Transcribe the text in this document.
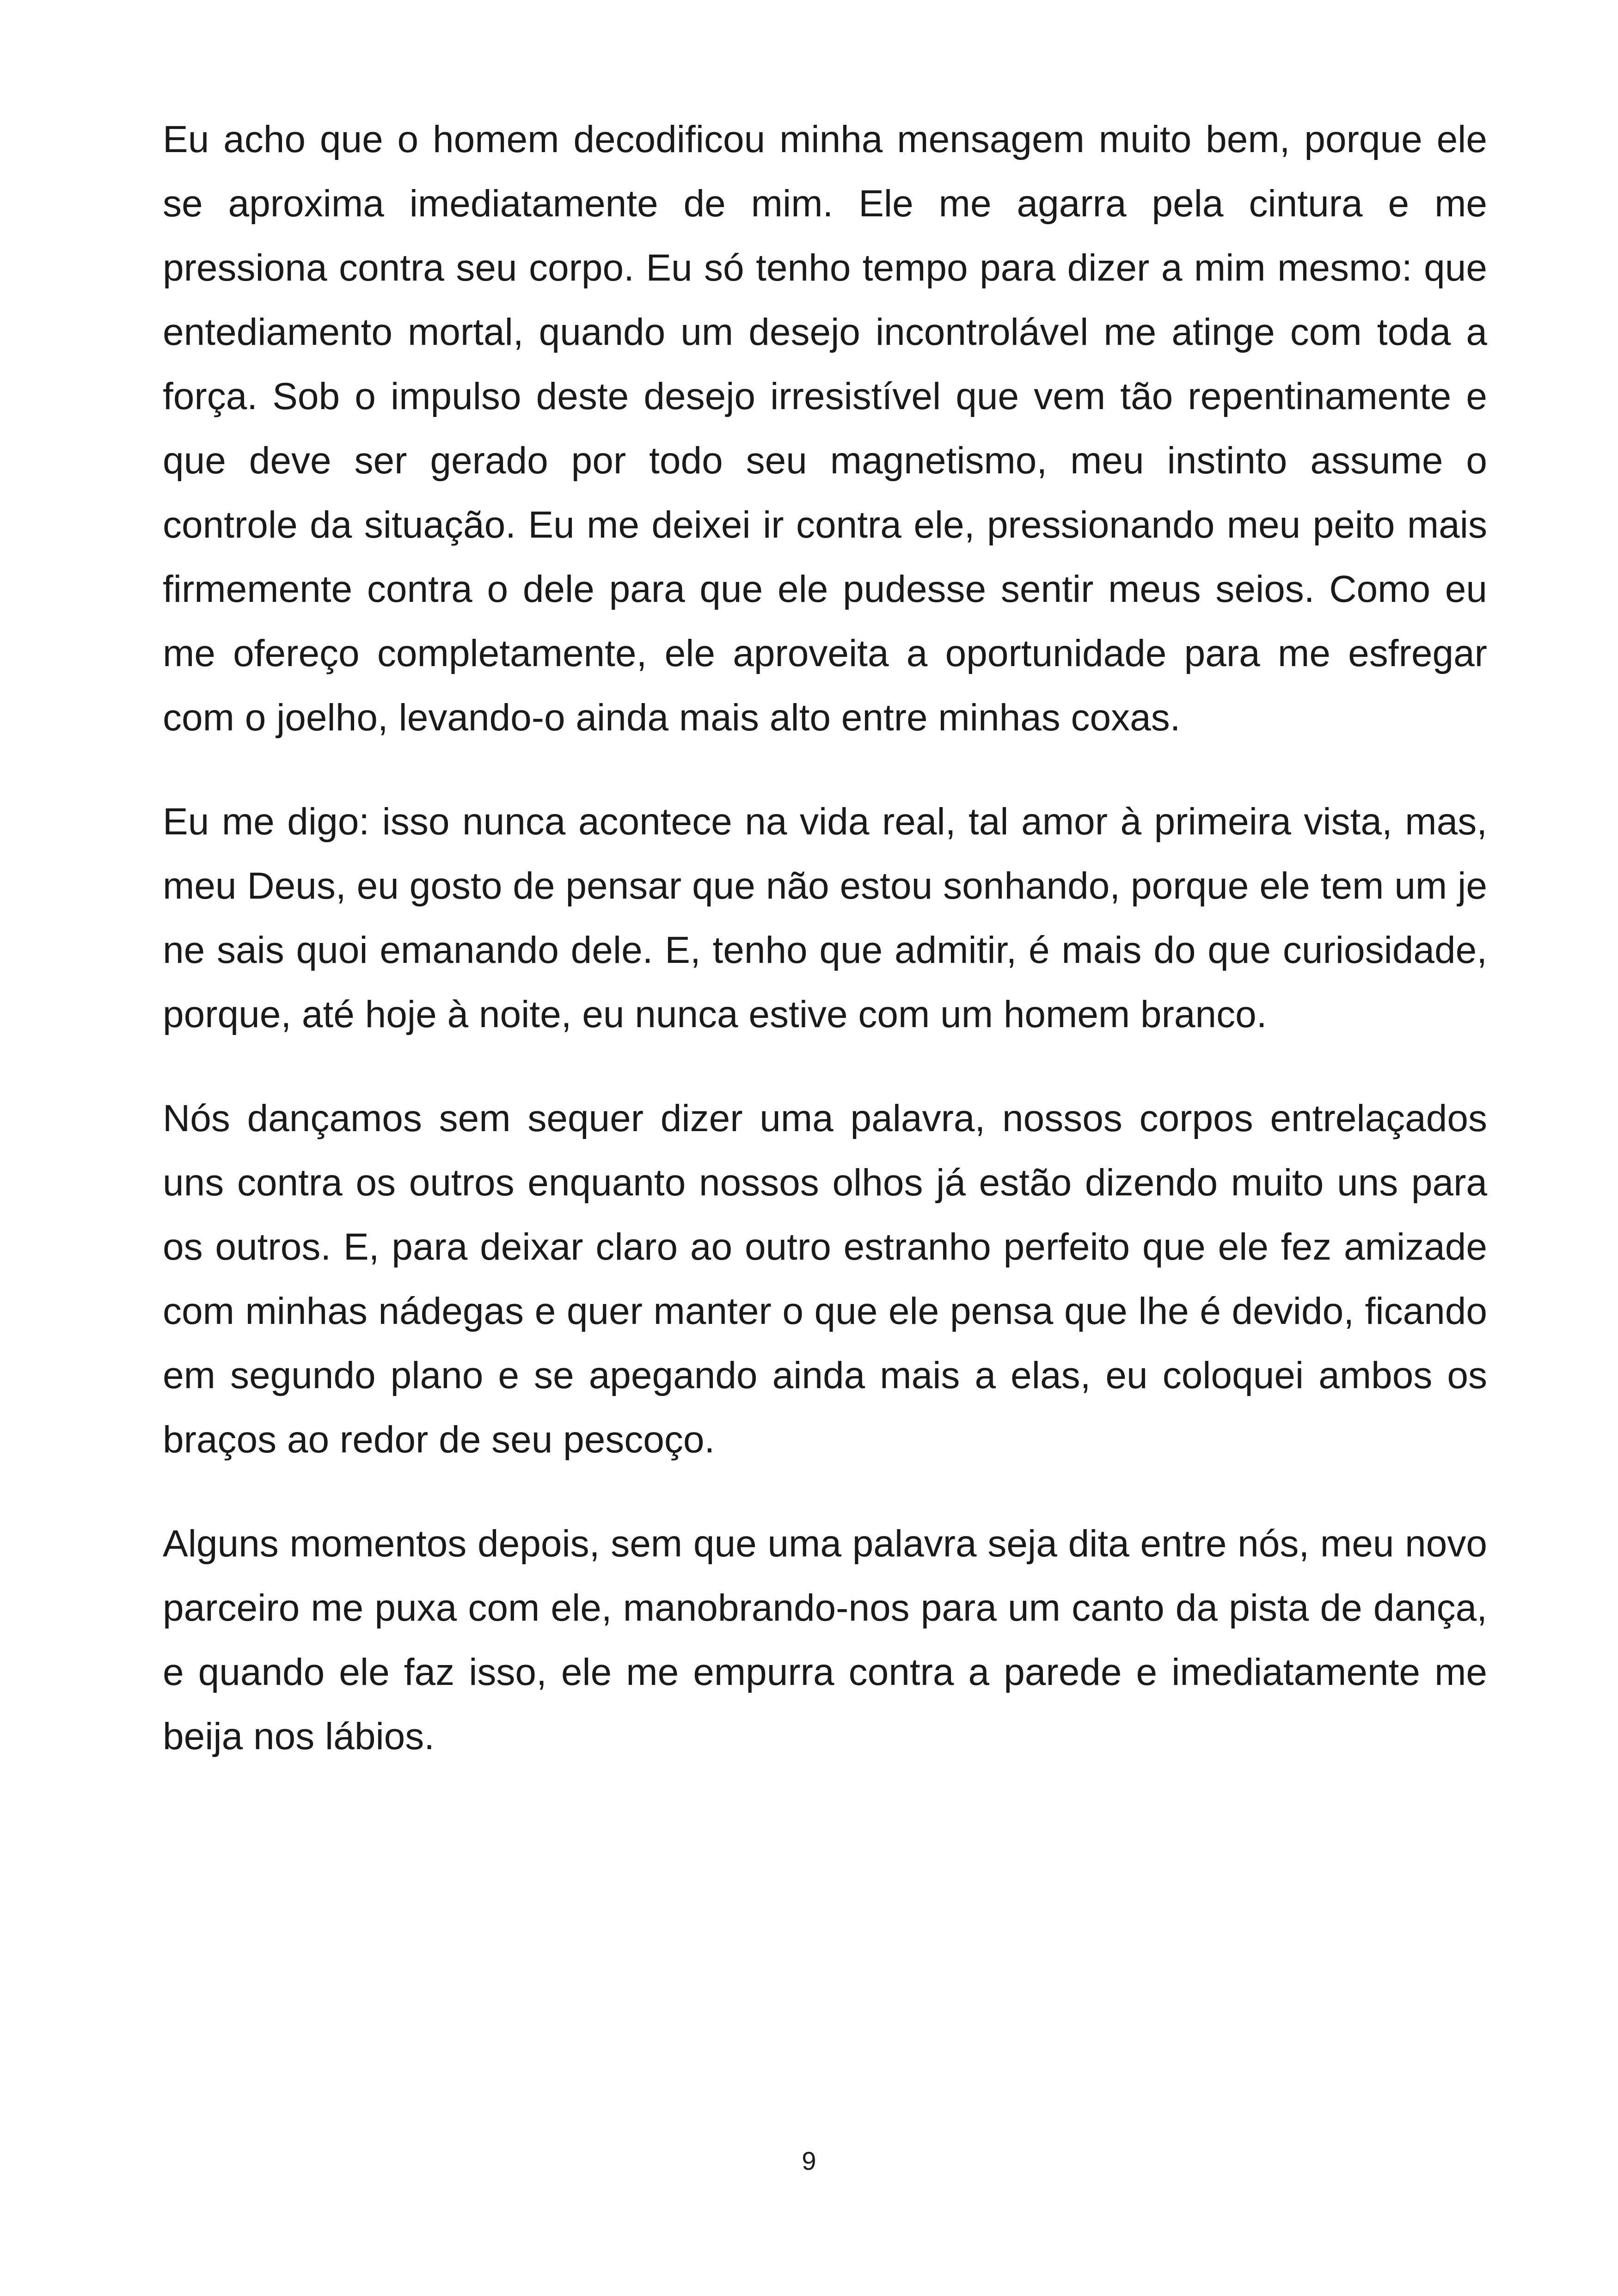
Eu acho que o homem decodificou minha mensagem muito bem, porque ele se aproxima imediatamente de mim. Ele me agarra pela cintura e me pressiona contra seu corpo. Eu só tenho tempo para dizer a mim mesmo: que entediamento mortal, quando um desejo incontrolável me atinge com toda a força. Sob o impulso deste desejo irresistível que vem tão repentinamente e que deve ser gerado por todo seu magnetismo, meu instinto assume o controle da situação. Eu me deixei ir contra ele, pressionando meu peito mais firmemente contra o dele para que ele pudesse sentir meus seios. Como eu me ofereço completamente, ele aproveita a oportunidade para me esfregar com o joelho, levando-o ainda mais alto entre minhas coxas.

Eu me digo: isso nunca acontece na vida real, tal amor à primeira vista, mas, meu Deus, eu gosto de pensar que não estou sonhando, porque ele tem um je ne sais quoi emanando dele. E, tenho que admitir, é mais do que curiosidade, porque, até hoje à noite, eu nunca estive com um homem branco.

Nós dançamos sem sequer dizer uma palavra, nossos corpos entrelaçados uns contra os outros enquanto nossos olhos já estão dizendo muito uns para os outros. E, para deixar claro ao outro estranho perfeito que ele fez amizade com minhas nádegas e quer manter o que ele pensa que lhe é devido, ficando em segundo plano e se apegando ainda mais a elas, eu coloquei ambos os braços ao redor de seu pescoço.

Alguns momentos depois, sem que uma palavra seja dita entre nós, meu novo parceiro me puxa com ele, manobrando-nos para um canto da pista de dança, e quando ele faz isso, ele me empurra contra a parede e imediatamente me beija nos lábios.

9
